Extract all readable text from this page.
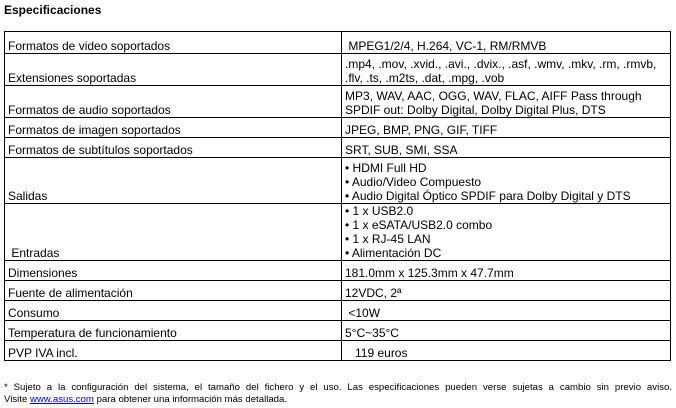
Especificaciones
Formatos de video soportados	MPEG1/2/4, H.264, VC-1, RM/RMVB

Extensiones soportadas	.mp4, .mov, .xvid., .avi., .dvix., .asf, .wmv, .mkv, .rm, .rmvb,
.flv, .ts, .m2ts, .dat, .mpg, .vob

Formatos de audio soportados	MP3, WAV, AAC, OGG, WAV, FLAC, AIFF Pass through
SPDIF out: Dolby Digital, Dolby Digital Plus, DTS

Formatos de imagen soportados	JPEG, BMP, PNG, GIF, TIFF

Formatos de subtítulos soportados	SRT, SUB, SMI, SSA

Salidas	• HDMI Full HD
• Audio/Video Compuesto
• Audio Digital Óptico SPDIF para Dolby Digital y DTS

Entradas	• 1 x USB2.0
• 1 x eSATA/USB2.0 combo
• 1 x RJ-45 LAN
• Alimentación DC

Dimensiones	181.0mm x 125.3mm x 47.7mm

Fuente de alimentación	12VDC, 2ª

Consumo	<10W

Temperatura de funcionamiento	5°C~35°C

PVP IVA incl.	119 euros
* Sujeto a la configuración del sistema, el tamaño del fichero y el uso. Las especificaciones pueden verse sujetas a cambio sin previo aviso.
Visite www.asus.com para obtener una información más detallada.
